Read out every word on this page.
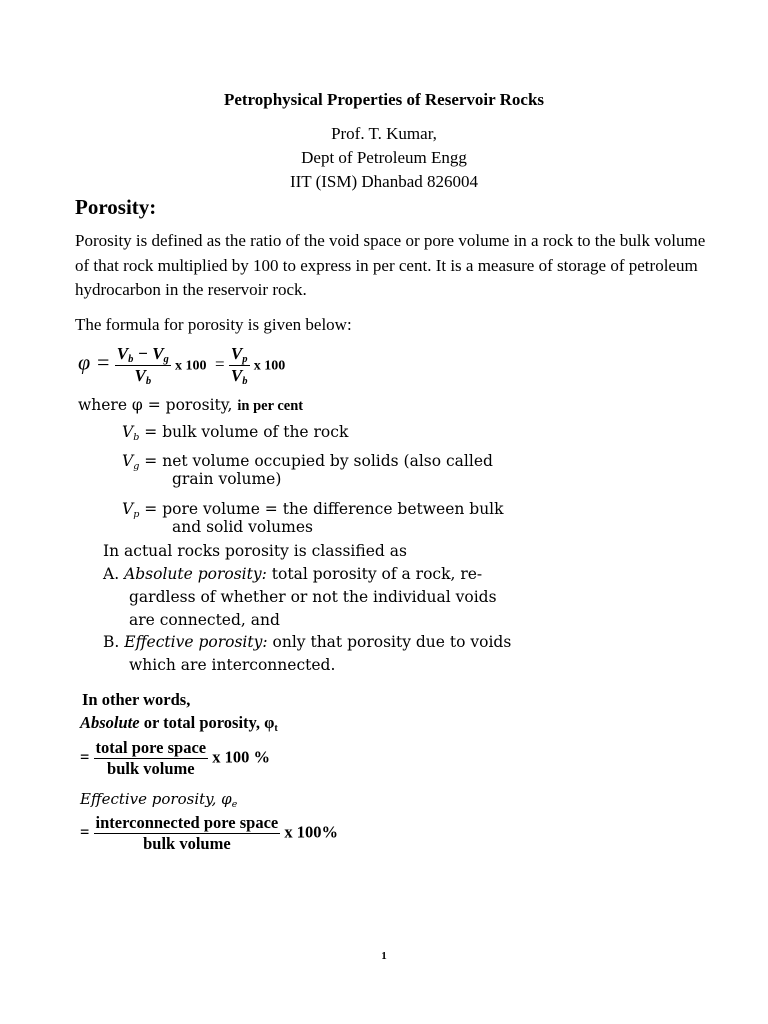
Petrophysical Properties of Reservoir Rocks
Prof. T. Kumar,
Dept of Petroleum Engg
IIT (ISM) Dhanbad 826004
Porosity:
Porosity is defined as the ratio of the void space or pore volume in a rock to the bulk volume of that rock multiplied by 100 to express in per cent. It is a measure of storage of petroleum hydrocarbon in the reservoir rock.
The formula for porosity is given below:
$\varphi = \frac{V_b - V_g}{V_b}$ x $100 = \frac{V_p}{V_b}$ x 100
where φ = porosity, in per cent
$V_b$ = bulk volume of the rock
$V_g$ = net volume occupied by solids (also called
grain volume)
$V_p$ = pore volume = the difference between bulk
and solid volumes
In actual rocks porosity is classified as
A. Absolute porosity: total porosity of a rock, re-
gardless of whether or not the individual voids
are connected, and
B. Effective porosity: only that porosity due to voids
which are interconnected.
In other words,
Absolute or total porosity, $\varphi_t$
= $\frac{\text{total pore space}}{\text{bulk volume}}$ x 100 %
Effective porosity, $\varphi_e$
= $\frac{\text{interconnected pore space}}{\text{bulk volume}}$ x 100%
1
